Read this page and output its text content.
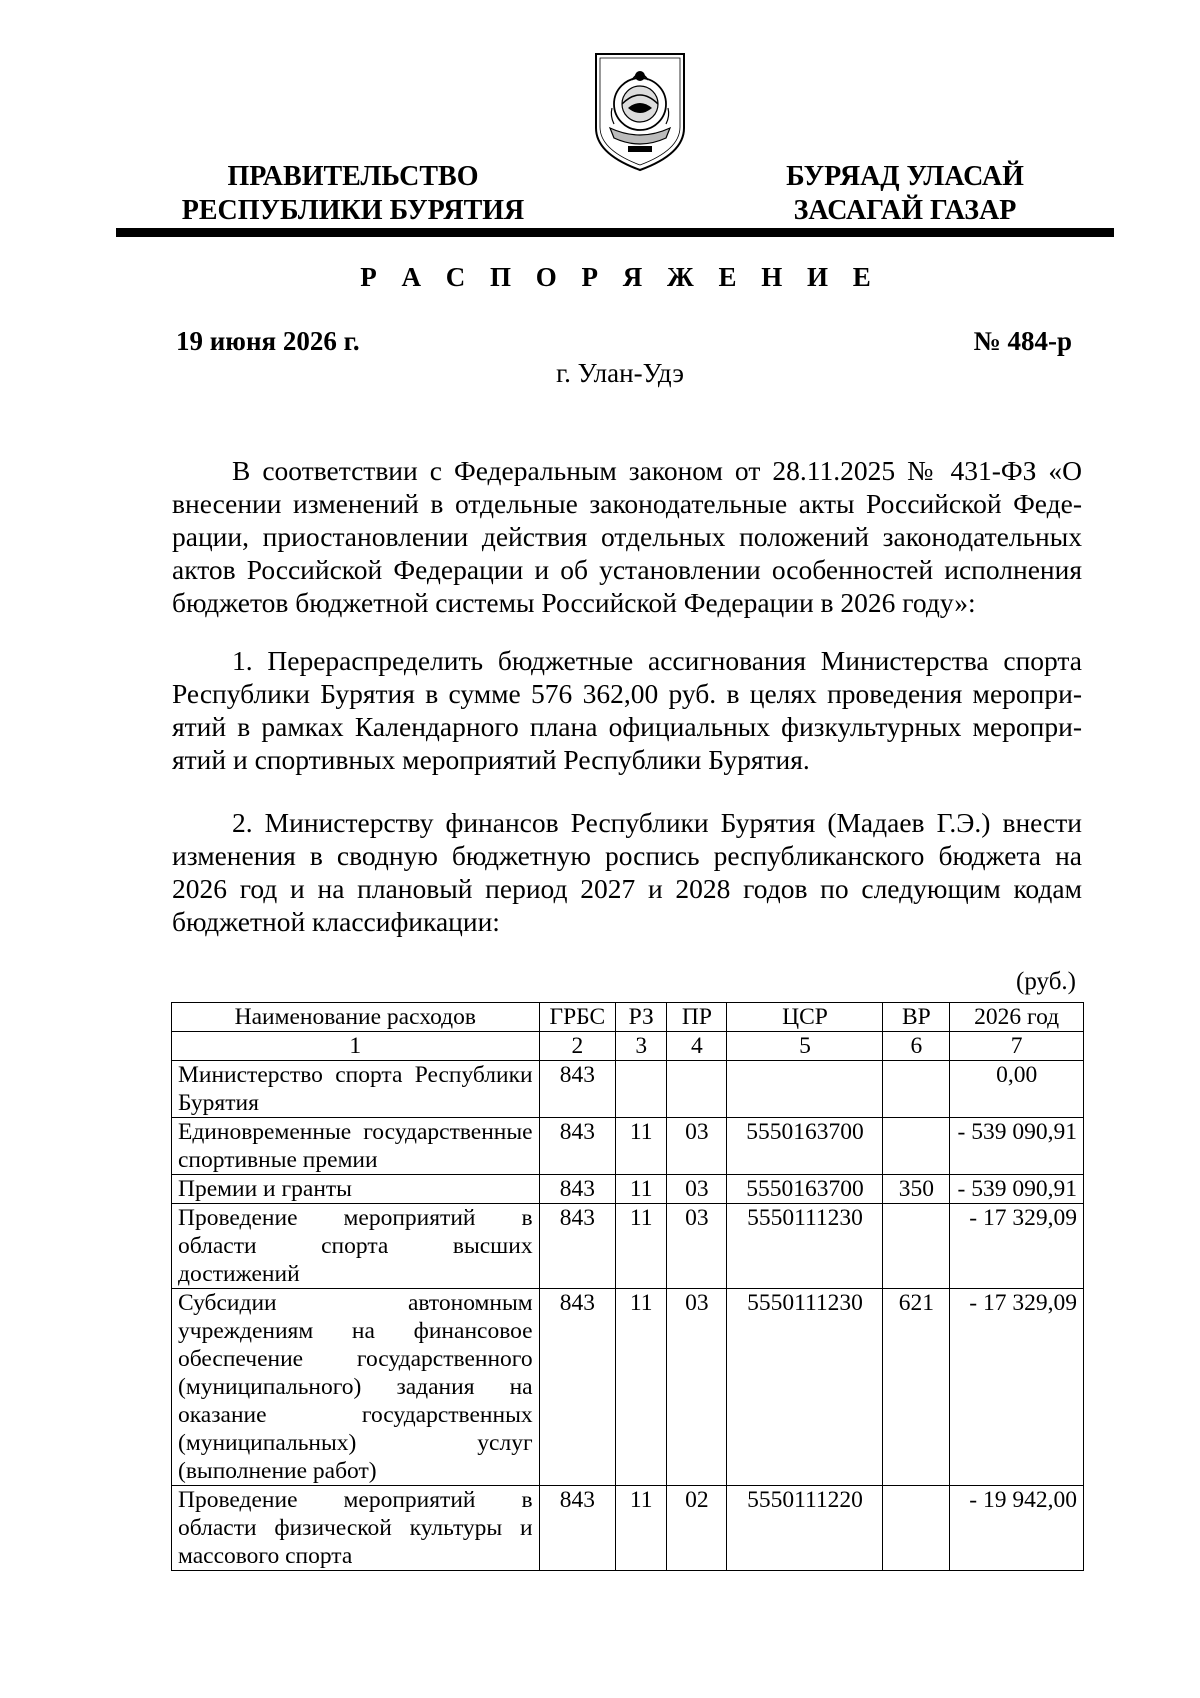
ПРАВИТЕЛЬСТВО
РЕСПУБЛИКИ БУРЯТИЯ
БУРЯАД УЛАСАЙ
ЗАСАГАЙ ГАЗАР
Р А С П О Р Я Ж Е Н И Е
19 июня 2026 г.	№ 484-р
г. Улан-Удэ
В соответствии с Федеральным законом от 28.11.2025 № 431-ФЗ «О
внесении изменений в отдельные законодательные акты Российской Феде-
рации, приостановлении действия отдельных положений законодательных
актов Российской Федерации и об установлении особенностей исполнения
бюджетов бюджетной системы Российской Федерации в 2026 году»:
1. Перераспределить бюджетные ассигнования Министерства спорта
Республики Бурятия в сумме 576 362,00 руб. в целях проведения меропри-
ятий в рамках Календарного плана официальных физкультурных меропри-
ятий и спортивных мероприятий Республики Бурятия.
2. Министерству финансов Республики Бурятия (Мадаев Г.Э.) внести
изменения в сводную бюджетную роспись республиканского бюджета на
2026 год и на плановый период 2027 и 2028 годов по следующим кодам
бюджетной классификации:
(руб.)
Наименование расходов	ГРБС	РЗ	ПР	ЦСР	ВР	2026 год
1	2	3	4	5	6	7
Министерство спорта Республики Бурятия	843					0,00
Единовременные государственные спортивные премии	843	11	03	5550163700		- 539 090,91
Премии и гранты	843	11	03	5550163700	350	- 539 090,91
Проведение мероприятий в области спорта высших достижений	843	11	03	5550111230		- 17 329,09
Субсидии автономным учреждениям на финансовое обеспечение государственного (муниципального) задания на оказание государственных (муниципальных) услуг (выполнение работ)	843	11	03	5550111230	621	- 17 329,09
Проведение мероприятий в области физической культуры и массового спорта	843	11	02	5550111220		- 19 942,00
